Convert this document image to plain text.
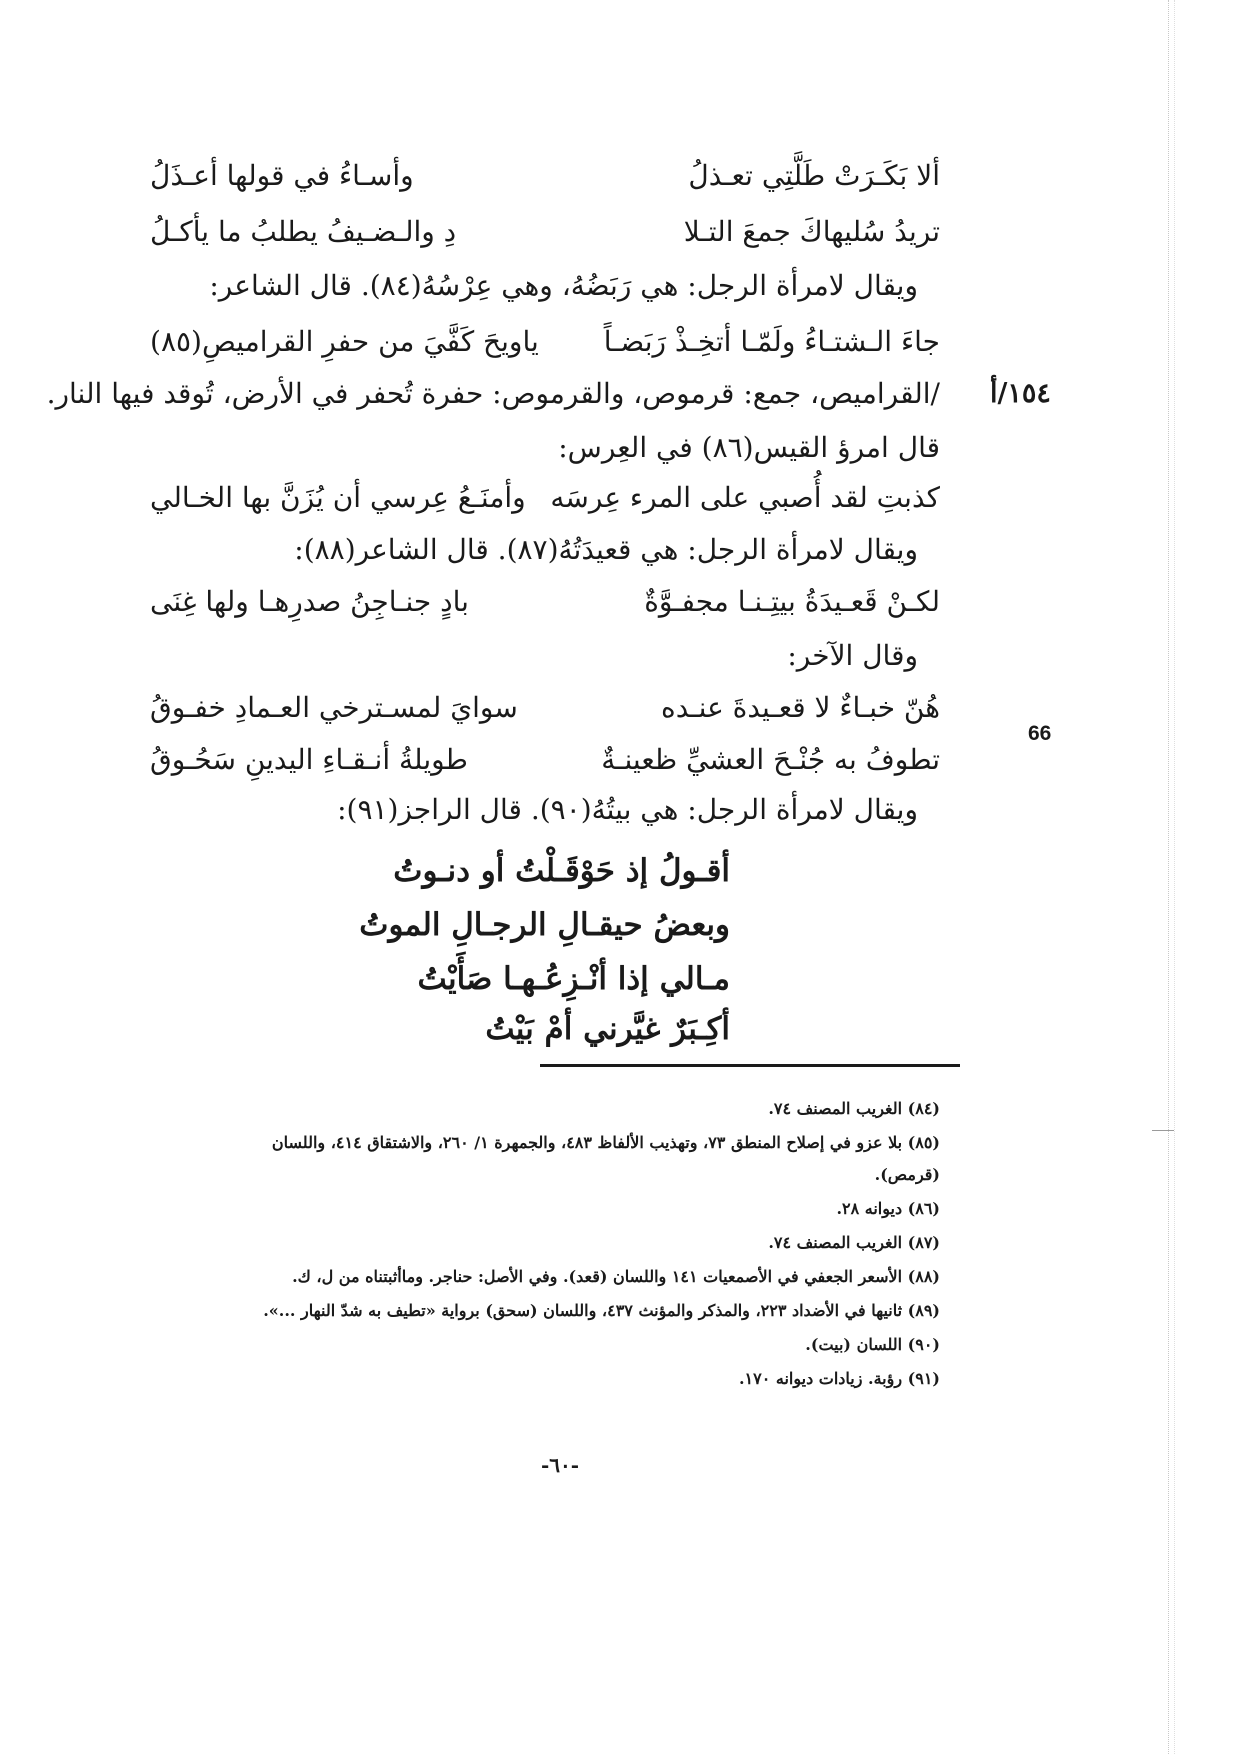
ألا بَكَـرَتْ طَلَّتِي تعـذلُ
وأسـاءُ في قولها أعـذَلُ
تريدُ سُليهاكَ جمعَ التـلا
دِ والـضـيفُ يطلبُ ما يأكـلُ
ويقال لامرأة الرجل: هي رَبَضُهُ، وهي عِرْسُهُ(٨٤). قال الشاعر:
جاءَ الـشتـاءُ ولَمّـا أتخِـذْ رَبَضـاً
ياويحَ كَفَّيَ من حفرِ القراميصِ(٨٥)
/القراميص، جمع: قرموص، والقرموص: حفرة تُحفر في الأرض، تُوقد فيها النار.
قال امرؤ القيس(٨٦) في العِرس:
كذبتِ لقد أُصبي على المرء عِرسَه
وأمنَـعُ عِرسي أن يُزَنَّ بها الخـالي
ويقال لامرأة الرجل: هي قعيدَتُهُ(٨٧). قال الشاعر(٨٨):
لكـنْ قَعـيدَةُ بيتِـنـا مجفـوَّةٌ
بادٍ جنـاجِنُ صدرِهـا ولها غِنَى
وقال الآخر:
هُنّ خبـاءٌ لا قعـيدةَ عنـده
سوايَ لمسـترخي العـمادِ خفـوقُ
تطوفُ به جُنْـحَ العشيِّ ظعينـةٌ
طويلةُ أنـقـاءِ اليدينِ سَحُـوقُ
ويقال لامرأة الرجل: هي بيتُهُ(٩٠). قال الراجز(٩١):
١٥٤/أ
66
أقـولُ إذ حَوْقَـلْتُ أو دنـوتُ
وبعضُ حيقـالِ الرجـالِ الموتُ
مـالي إذا أنْـزِعُـهـا صَأَيْتُ
أكِـبَرٌ غيَّرني أمْ بَيْتُ
(٨٤) الغريب المصنف ٧٤.
(٨٥) بلا عزو في إصلاح المنطق ٧٣، وتهذيب الألفاظ ٤٨٣، والجمهرة ١/ ٢٦٠، والاشتقاق ٤١٤، واللسان
(قرمص).
(٨٦) ديوانه ٢٨.
(٨٧) الغريب المصنف ٧٤.
(٨٨) الأسعر الجعفي في الأصمعيات ١٤١ واللسان (قعد). وفي الأصل: حناجر. وماأثبتناه من ل، ك.
(٨٩) ثانيها في الأضداد ٢٢٣، والمذكر والمؤنث ٤٣٧، واللسان (سحق) برواية «تطيف به شدّ النهار ...».
(٩٠) اللسان (بيت).
(٩١) رؤبة. زيادات ديوانه ١٧٠.
-٦٠-
